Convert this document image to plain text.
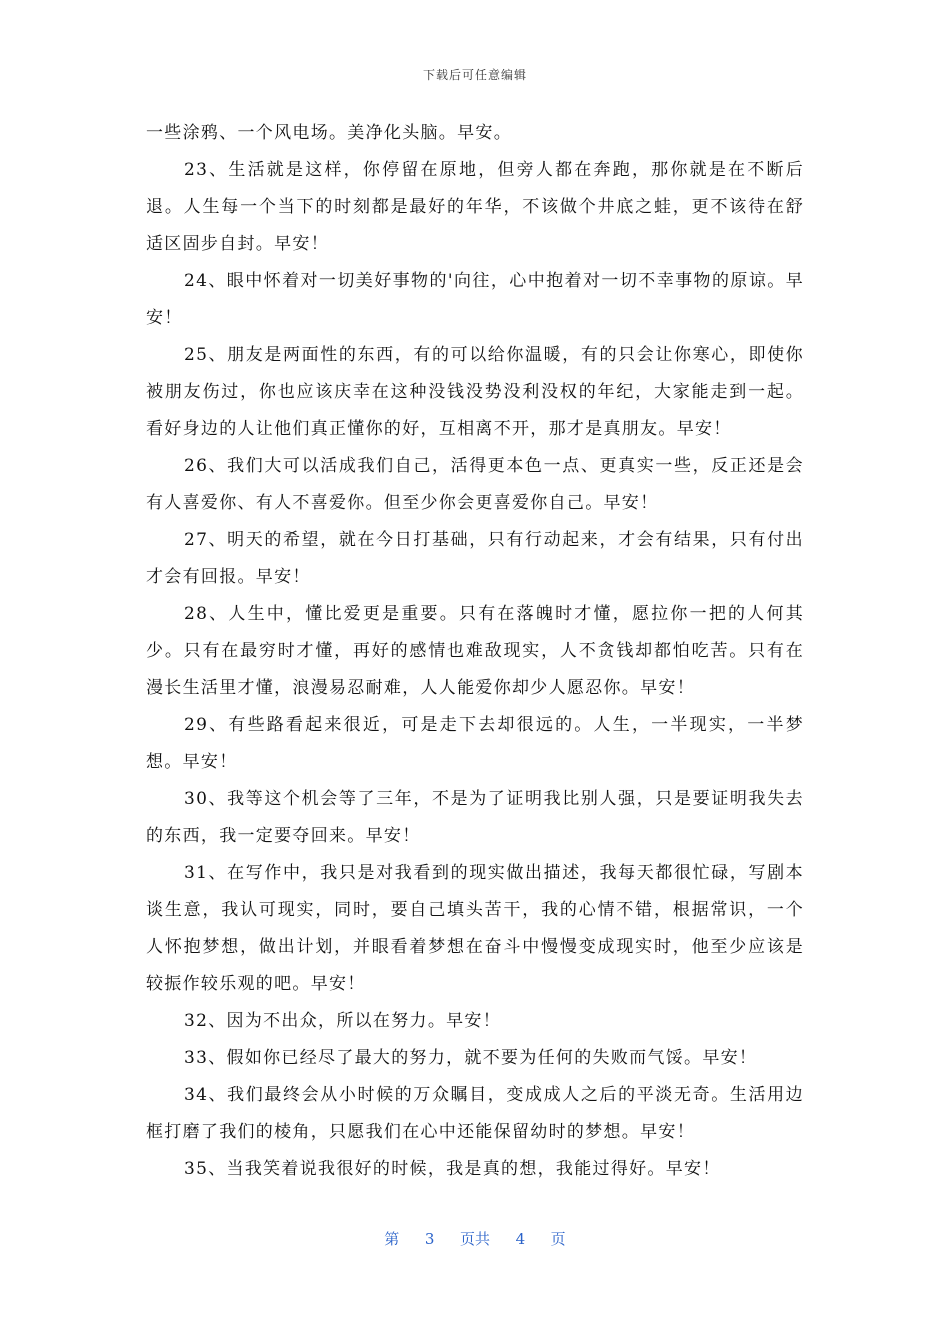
下载后可任意编辑

一些涂鸦、一个风电场。美净化头脑。早安。

23、生活就是这样，你停留在原地，但旁人都在奔跑，那你就是在不断后退。人生每一个当下的时刻都是最好的年华，不该做个井底之蛙，更不该待在舒适区固步自封。早安！

24、眼中怀着对一切美好事物的'向往，心中抱着对一切不幸事物的原谅。早安！

25、朋友是两面性的东西，有的可以给你温暖，有的只会让你寒心，即使你被朋友伤过，你也应该庆幸在这种没钱没势没利没权的年纪，大家能走到一起。看好身边的人让他们真正懂你的好，互相离不开，那才是真朋友。早安！

26、我们大可以活成我们自己，活得更本色一点、更真实一些，反正还是会有人喜爱你、有人不喜爱你。但至少你会更喜爱你自己。早安！

27、明天的希望，就在今日打基础，只有行动起来，才会有结果，只有付出才会有回报。早安！

28、人生中，懂比爱更是重要。只有在落魄时才懂，愿拉你一把的人何其少。只有在最穷时才懂，再好的感情也难敌现实，人不贪钱却都怕吃苦。只有在漫长生活里才懂，浪漫易忍耐难，人人能爱你却少人愿忍你。早安！

29、有些路看起来很近，可是走下去却很远的。人生，一半现实，一半梦想。早安！

30、我等这个机会等了三年，不是为了证明我比别人强，只是要证明我失去的东西，我一定要夺回来。早安！

31、在写作中，我只是对我看到的现实做出描述，我每天都很忙碌，写剧本谈生意，我认可现实，同时，要自己填头苦干，我的心情不错，根据常识，一个人怀抱梦想，做出计划，并眼看着梦想在奋斗中慢慢变成现实时，他至少应该是较振作较乐观的吧。早安！

32、因为不出众，所以在努力。早安！

33、假如你已经尽了最大的努力，就不要为任何的失败而气馁。早安！

34、我们最终会从小时候的万众瞩目，变成成人之后的平淡无奇。生活用边框打磨了我们的棱角，只愿我们在心中还能保留幼时的梦想。早安！

35、当我笑着说我很好的时候，我是真的想，我能过得好。早安！

第 3 页共 4 页
